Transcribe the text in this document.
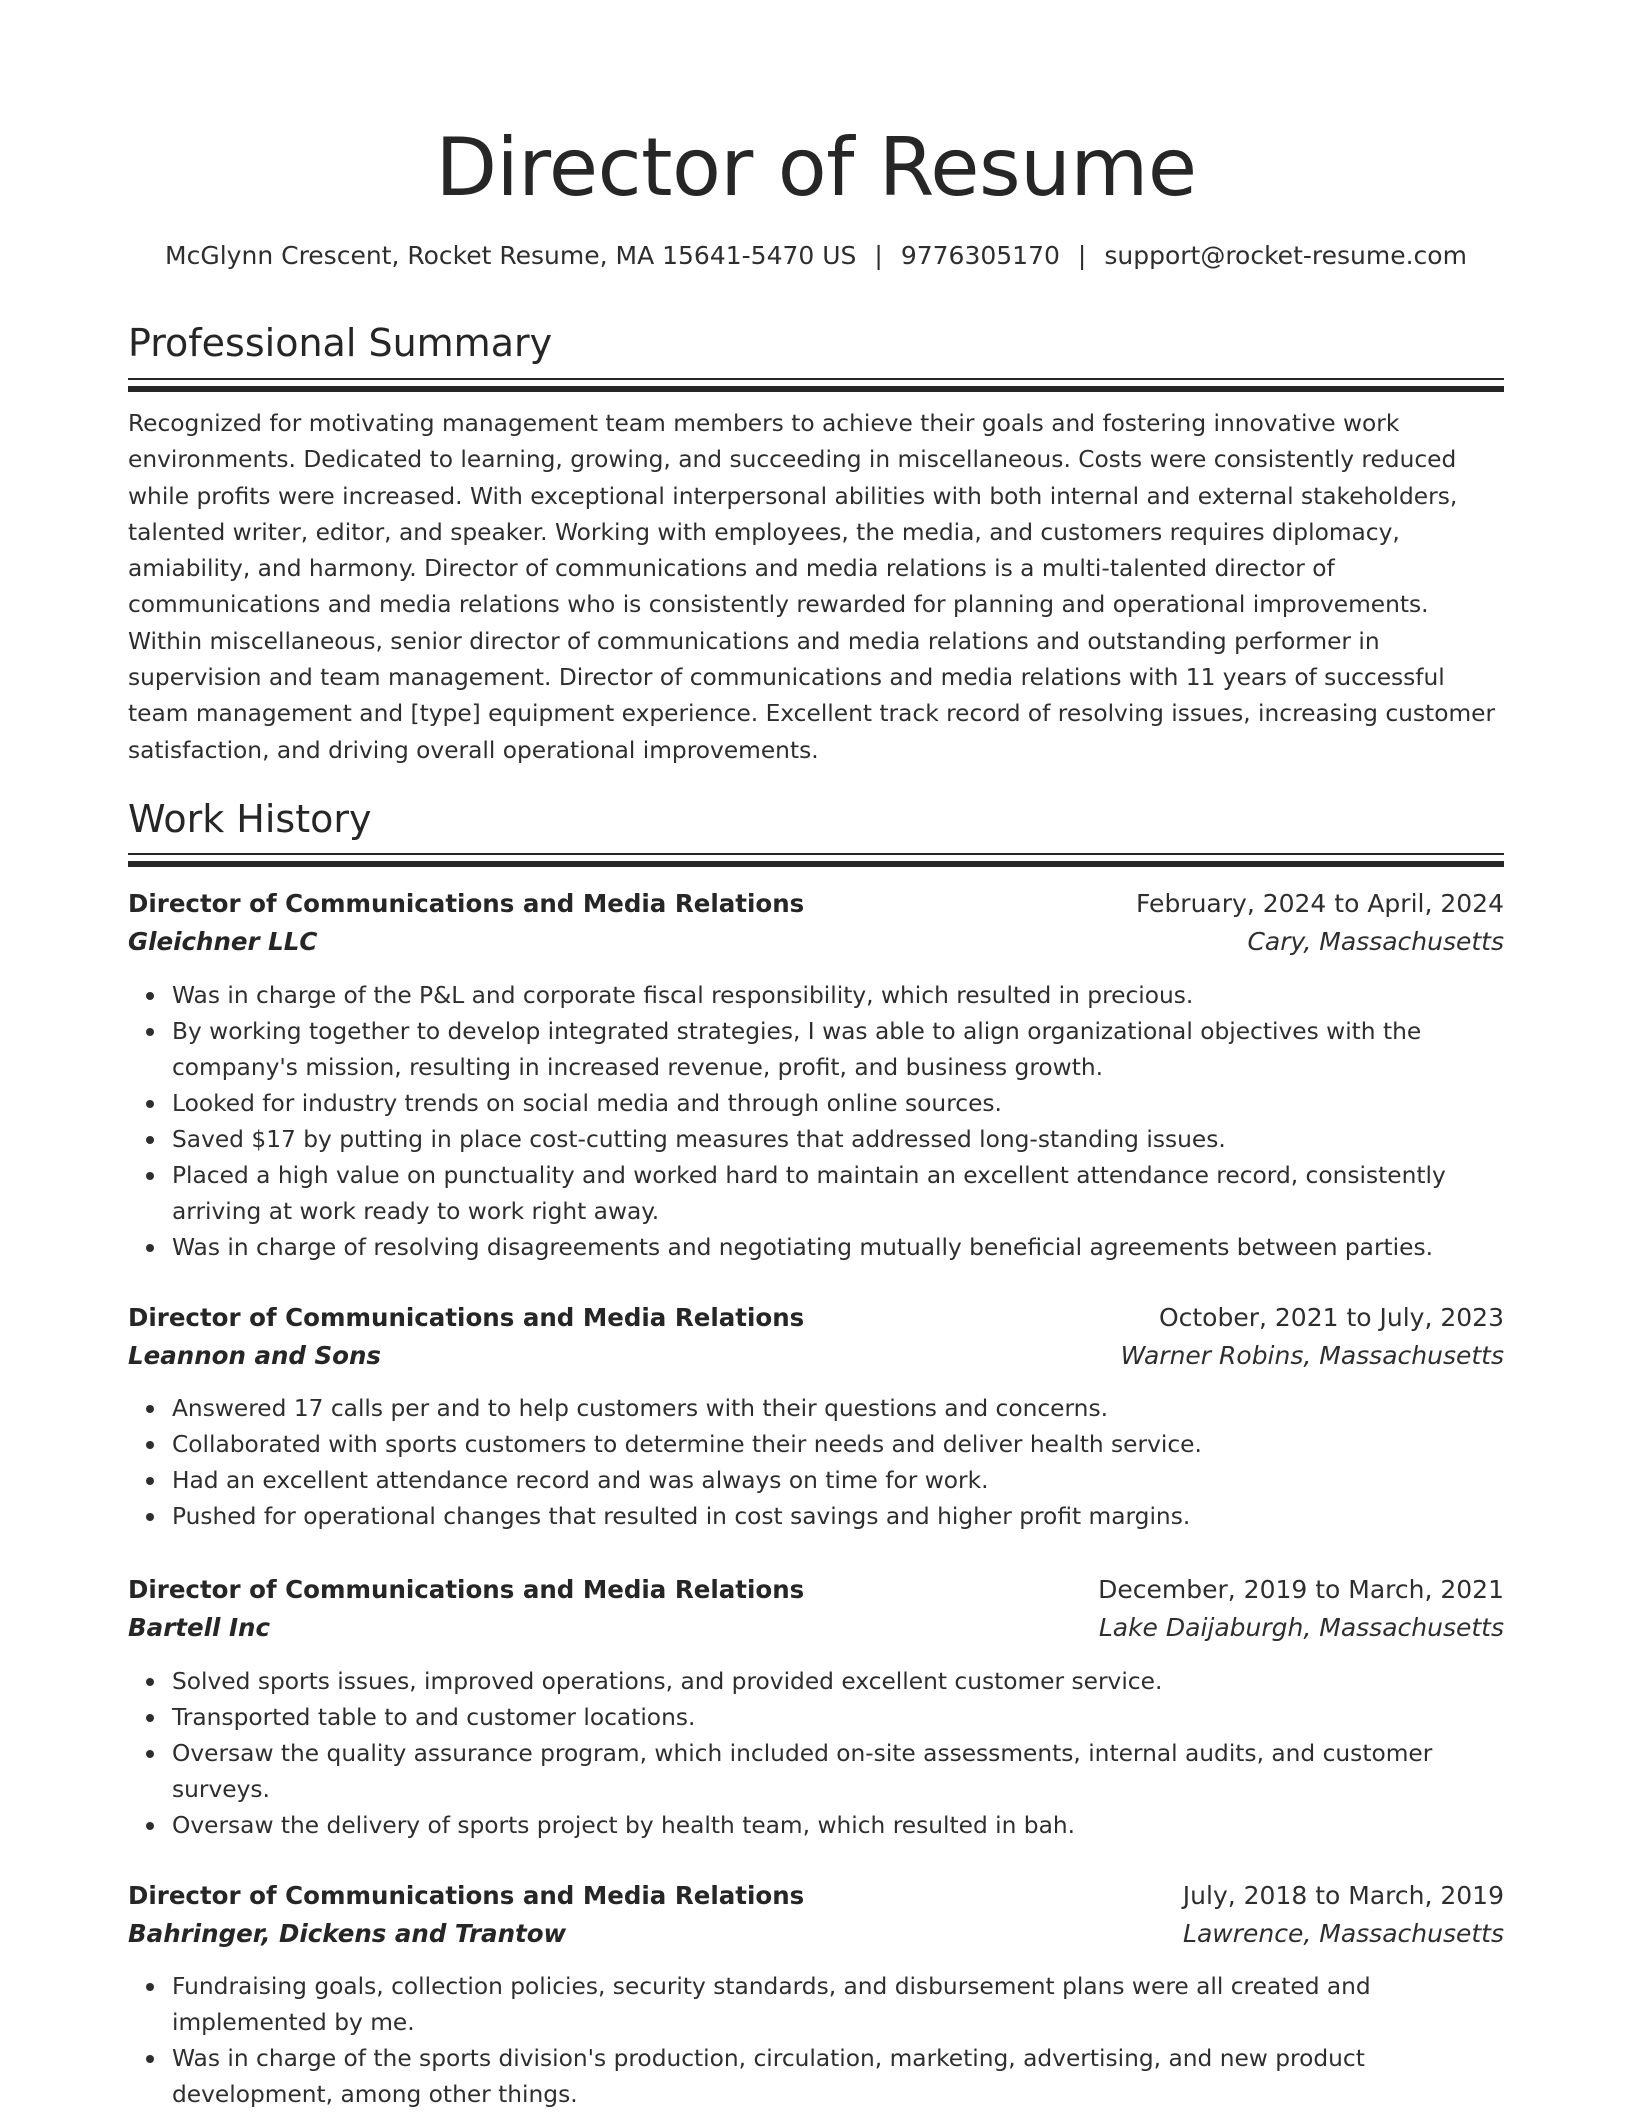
Director of Resume
McGlynn Crescent, Rocket Resume, MA 15641-5470 US | 9776305170 | support@rocket-resume.com
Professional Summary
Recognized for motivating management team members to achieve their goals and fostering innovative work environments. Dedicated to learning, growing, and succeeding in miscellaneous. Costs were consistently reduced while profits were increased. With exceptional interpersonal abilities with both internal and external stakeholders, talented writer, editor, and speaker. Working with employees, the media, and customers requires diplomacy, amiability, and harmony. Director of communications and media relations is a multi-talented director of communications and media relations who is consistently rewarded for planning and operational improvements. Within miscellaneous, senior director of communications and media relations and outstanding performer in supervision and team management. Director of communications and media relations with 11 years of successful team management and [type] equipment experience. Excellent track record of resolving issues, increasing customer satisfaction, and driving overall operational improvements.
Work History
Director of Communications and Media Relations	February, 2024 to April, 2024
Gleichner LLC	Cary, Massachusetts
Was in charge of the P&L and corporate fiscal responsibility, which resulted in precious.
By working together to develop integrated strategies, I was able to align organizational objectives with the company's mission, resulting in increased revenue, profit, and business growth.
Looked for industry trends on social media and through online sources.
Saved $17 by putting in place cost-cutting measures that addressed long-standing issues.
Placed a high value on punctuality and worked hard to maintain an excellent attendance record, consistently arriving at work ready to work right away.
Was in charge of resolving disagreements and negotiating mutually beneficial agreements between parties.
Director of Communications and Media Relations	October, 2021 to July, 2023
Leannon and Sons	Warner Robins, Massachusetts
Answered 17 calls per and to help customers with their questions and concerns.
Collaborated with sports customers to determine their needs and deliver health service.
Had an excellent attendance record and was always on time for work.
Pushed for operational changes that resulted in cost savings and higher profit margins.
Director of Communications and Media Relations	December, 2019 to March, 2021
Bartell Inc	Lake Daijaburgh, Massachusetts
Solved sports issues, improved operations, and provided excellent customer service.
Transported table to and customer locations.
Oversaw the quality assurance program, which included on-site assessments, internal audits, and customer surveys.
Oversaw the delivery of sports project by health team, which resulted in bah.
Director of Communications and Media Relations	July, 2018 to March, 2019
Bahringer, Dickens and Trantow	Lawrence, Massachusetts
Fundraising goals, collection policies, security standards, and disbursement plans were all created and implemented by me.
Was in charge of the sports division's production, circulation, marketing, advertising, and new product development, among other things.
